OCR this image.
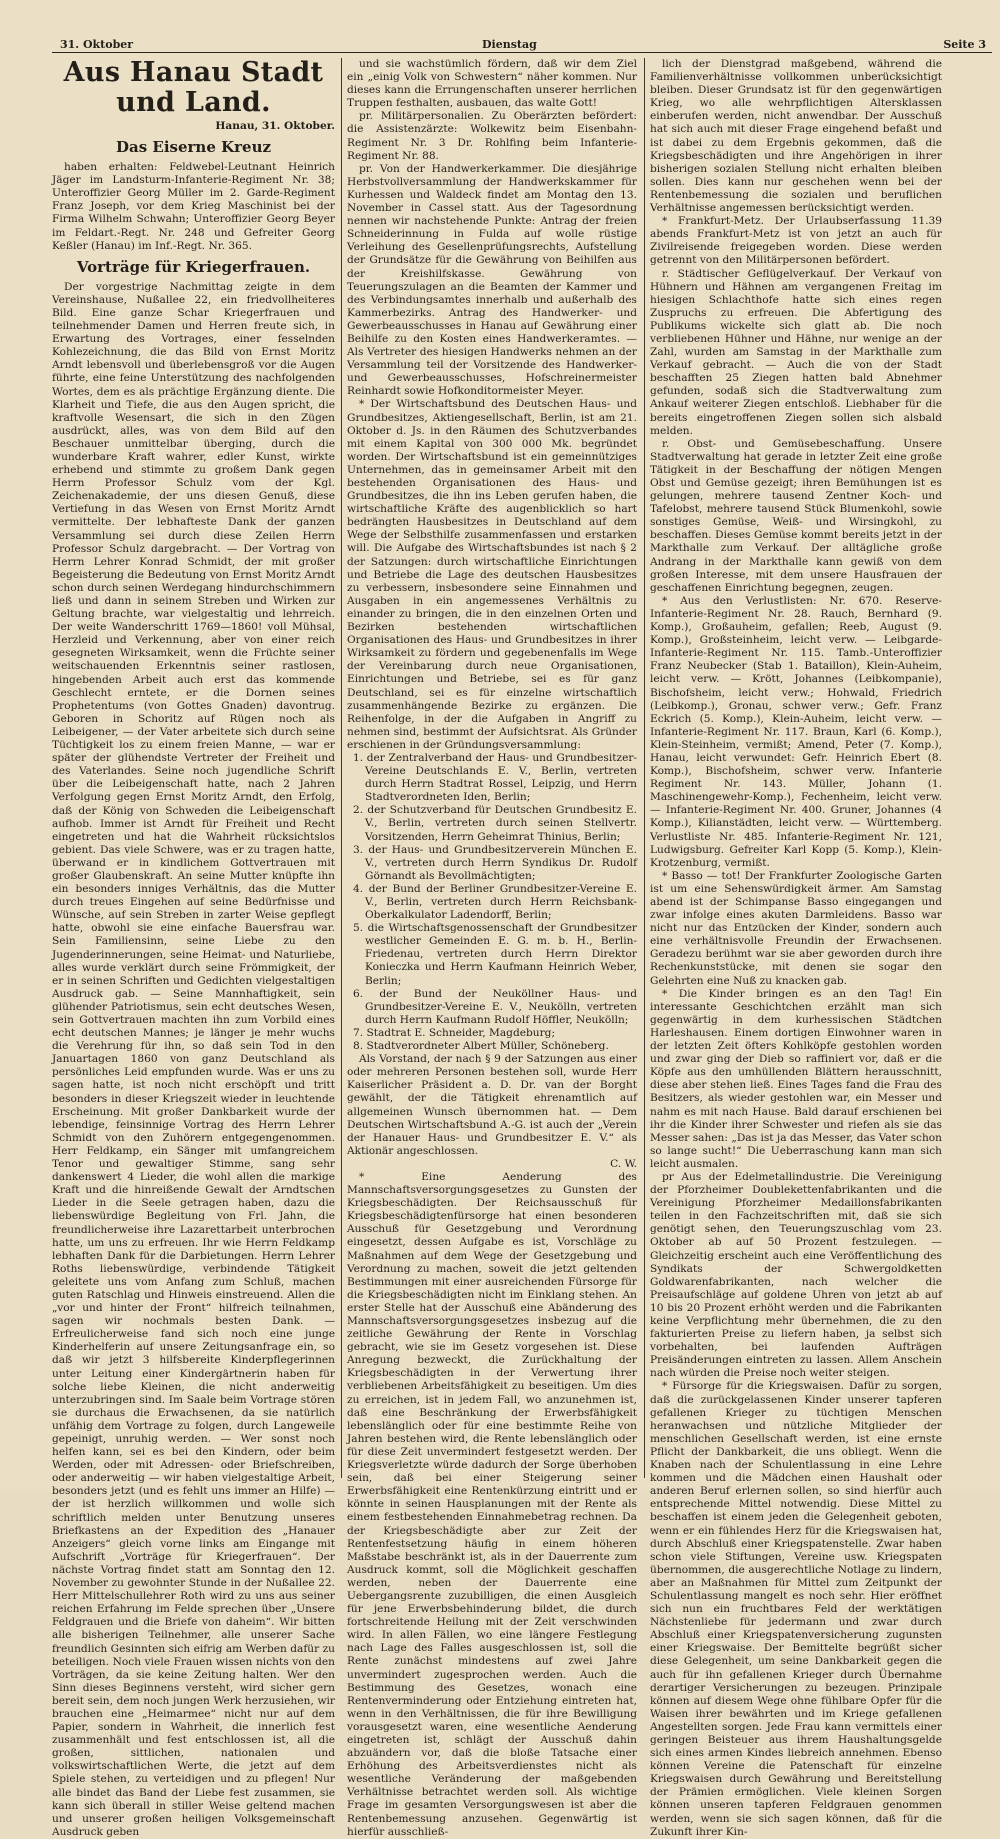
31. Oktober	Dienstag	Seite 3
Aus Hanau Stadt und Land.
Hanau, 31. Oktober.
Das Eiserne Kreuz

haben erhalten: Feldwebel-Leutnant Heinrich Jäger im Landsturm-Infanterie-Regiment Nr. 38; Unteroffizier Georg Müller im 2. Garde-Regiment Franz Joseph, vor dem Krieg Maschinist bei der Firma Wilhelm Schwahn; Unteroffizier Georg Beyer im Feldart.-Regt. Nr. 248 und Gefreiter Georg Keßler (Hanau) im Inf.-Regt. Nr. 365.

Vorträge für Kriegerfrauen.

Der vorgestrige Nachmittag zeigte in dem Vereinshause, Nußallee 22, ein friedvollheiteres Bild. Eine ganze Schar Kriegerfrauen und teilnehmender Damen und Herren freute sich, in Erwartung des Vortrages, einer fesselnden Kohlezeichnung, die das Bild von Ernst Moritz Arndt lebensvoll und überlebensgroß vor die Augen führte, eine feine Unterstützung des nachfolgenden Wortes, dem es als prächtige Ergänzung diente. Die Klarheit und Tiefe, die aus den Augen spricht, die kraftvolle Wesensart, die sich in den Zügen ausdrückt, alles, was von dem Bild auf den Beschauer unmittelbar überging, durch die wunderbare Kraft wahrer, edler Kunst, wirkte erhebend und stimmte zu großem Dank gegen Herrn Professor Schulz vom der Kgl. Zeichenakademie, der uns diesen Genuß, diese Vertiefung in das Wesen von Ernst Moritz Arndt vermittelte. Der lebhafteste Dank der ganzen Versammlung sei durch diese Zeilen Herrn Professor Schulz dargebracht. — Der Vortrag von Herrn Lehrer Konrad Schmidt, der mit großer Begeisterung die Bedeutung von Ernst Moritz Arndt schon durch seinen Werdegang hindurchschimmern ließ und dann in seinem Streben und Wirken zur Geltung brachte, war vielgestaltig und lehrreich. Der weite Wanderschritt 1769—1860! voll Mühsal, Herzleid und Verkennung, aber von einer reich gesegneten Wirksamkeit, wenn die Früchte seiner weitschauenden Erkenntnis seiner rastlosen, hingebenden Arbeit auch erst das kommende Geschlecht erntete, er die Dornen seines Prophetentums (von Gottes Gnaden) davontrug. Geboren in Schoritz auf Rügen noch als Leibeigener, — der Vater arbeitete sich durch seine Tüchtigkeit los zu einem freien Manne, — war er später der glühendste Vertreter der Freiheit und des Vaterlandes. Seine noch jugendliche Schrift über die Leibeigenschaft hatte, nach 2 Jahren Verfolgung gegen Ernst Moritz Arndt, den Erfolg, daß der König von Schweden die Leibeigenschaft aufhob. Immer ist Arndt für Freiheit und Recht eingetreten und hat die Wahrheit rücksichtslos gebient. Das viele Schwere, was er zu tragen hatte, überwand er in kindlichem Gottvertrauen mit großer Glaubenskraft. An seine Mutter knüpfte ihn ein besonders inniges Verhältnis, das die Mutter durch treues Eingehen auf seine Bedürfnisse und Wünsche, auf sein Streben in zarter Weise gepflegt hatte, obwohl sie eine einfache Bauersfrau war. Sein Familiensinn, seine Liebe zu den Jugenderinnerungen, seine Heimat- und Naturliebe, alles wurde verklärt durch seine Frömmigkeit, der er in seinen Schriften und Gedichten vielgestaltigen Ausdruck gab. — Seine Mannhaftigkeit, sein glühender Patriotismus, sein echt deutsches Wesen, sein Gottvertrauen machten ihn zum Vorbild eines echt deutschen Mannes; je länger je mehr wuchs die Verehrung für ihn, so daß sein Tod in den Januartagen 1860 von ganz Deutschland als persönliches Leid empfunden wurde. Was er uns zu sagen hatte, ist noch nicht erschöpft und tritt besonders in dieser Kriegszeit wieder in leuchtende Erscheinung. Mit großer Dankbarkeit wurde der lebendige, feinsinnige Vortrag des Herrn Lehrer Schmidt von den Zuhörern entgegengenommen. Herr Feldkamp, ein Sänger mit umfangreichem Tenor und gewaltiger Stimme, sang sehr dankenswert 4 Lieder, die wohl allen die markige Kraft und die hinreißende Gewalt der Arndtschen Lieder in die Seele getragen haben, dazu die liebenswürdige Begleitung von Frl. Jahn, die freundlicherweise ihre Lazarettarbeit unterbrochen hatte, um uns zu erfreuen. Ihr wie Herrn Feldkamp lebhaften Dank für die Darbietungen. Herrn Lehrer Roths liebenswürdige, verbindende Tätigkeit geleitete uns vom Anfang zum Schluß, machen guten Ratschlag und Hinweis einstreuend. Allen die „vor und hinter der Front“ hilfreich teilnahmen, sagen wir nochmals besten Dank. — Erfreulicherweise fand sich noch eine junge Kinderhelferin auf unsere Zeitungsanfrage ein, so daß wir jetzt 3 hilfsbereite Kinderpflegerinnen unter Leitung einer Kindergärtnerin haben für solche liebe Kleinen, die nicht anderweitig unterzubringen sind. Im Saale beim Vortrage stören sie durchaus die Erwachsenen, da sie natürlich unfähig dem Vortrage zu folgen, durch Langeweile gepeinigt, unruhig werden. — Wer sonst noch helfen kann, sei es bei den Kindern, oder beim Werden, oder mit Adressen- oder Briefschreiben, oder anderweitig — wir haben vielgestaltige Arbeit, besonders jetzt (und es fehlt uns immer an Hilfe) — der ist herzlich willkommen und wolle sich schriftlich melden unter Benutzung unseres Briefkastens an der Expedition des „Hanauer Anzeigers“ gleich vorne links am Eingange mit Aufschrift „Vorträge für Kriegerfrauen“. Der nächste Vortrag findet statt am Sonntag den 12. November zu gewohnter Stunde in der Nußallee 22. Herr Mittelschullehrer Roth wird zu uns aus seiner reichen Erfahrung im Felde sprechen über „Unsere Feldgrauen und die Briefe von daheim“. Wir bitten alle bisherigen Teilnehmer, alle unserer Sache freundlich Gesinnten sich eifrig am Werben dafür zu beteiligen. Noch viele Frauen wissen nichts von den Vorträgen, da sie keine Zeitung halten. Wer den Sinn dieses Beginnens versteht, wird sicher gern bereit sein, dem noch jungen Werk herzusiehen, wir brauchen eine „Heimarmee“ nicht nur auf dem Papier, sondern in Wahrheit, die innerlich fest zusammenhält und fest entschlossen ist, all die großen, sittlichen, nationalen und volkswirtschaftlichen Werte, die jetzt auf dem Spiele stehen, zu verteidigen und zu pflegen! Nur alle bindet das Band der Liebe fest zusammen, sie kann sich überall in stiller Weise geltend machen und unserer großen heiligen Volksgemeinschaft Ausdruck geben

und sie wachstümlich fördern, daß wir dem Ziel ein „einig Volk von Schwestern“ näher kommen. Nur dieses kann die Errungenschaften unserer herrlichen Truppen festhalten, ausbauen, das walte Gott!

pr. Militärpersonalien. Zu Oberärzten befördert: die Assistenzärzte: Wolkewitz beim Eisenbahn-Regiment Nr. 3 Dr. Rohlfing beim Infanterie-Regiment Nr. 88.

pr. Von der Handwerkerkammer. Die diesjährige Herbstvollversammlung der Handwerkskammer für Kurhessen und Waldeck findet am Montag den 13. November in Cassel statt. Aus der Tagesordnung nennen wir nachstehende Punkte: Antrag der freien Schneiderinnung in Fulda auf wolle rüstige Verleihung des Gesellenprüfungsrechts, Aufstellung der Grundsätze für die Gewährung von Beihilfen aus der Kreishilfskasse. Gewährung von Teuerungszulagen an die Beamten der Kammer und des Verbindungsamtes innerhalb und außerhalb des Kammerbezirks. Antrag des Handwerker- und Gewerbeausschusses in Hanau auf Gewährung einer Beihilfe zu den Kosten eines Handwerkeramtes. — Als Vertreter des hiesigen Handwerks nehmen an der Versammlung teil der Vorsitzende des Handwerker- und Gewerbeausschusses, Hofschreinermeister Reinhardt sowie Hofkonditormeister Meyer.

* Der Wirtschaftsbund des Deutschen Haus- und Grundbesitzes, Aktiengesellschaft, Berlin, ist am 21. Oktober d. Js. in den Räumen des Schutzverbandes mit einem Kapital von 300 000 Mk. begründet worden. Der Wirtschaftsbund ist ein gemeinnütziges Unternehmen, das in gemeinsamer Arbeit mit den bestehenden Organisationen des Haus- und Grundbesitzes, die ihn ins Leben gerufen haben, die wirtschaftliche Kräfte des augenblicklich so hart bedrängten Hausbesitzes in Deutschland auf dem Wege der Selbsthilfe zusammenfassen und erstarken will. Die Aufgabe des Wirtschaftsbundes ist nach § 2 der Satzungen: durch wirtschaftliche Einrichtungen und Betriebe die Lage des deutschen Hausbesitzes zu verbessern, insbesondere seine Einnahmen und Ausgaben in ein angemessenes Verhältnis zu einander zu bringen, die in den einzelnen Orten und Bezirken bestehenden wirtschaftlichen Organisationen des Haus- und Grundbesitzes in ihrer Wirksamkeit zu fördern und gegebenenfalls im Wege der Vereinbarung durch neue Organisationen, Einrichtungen und Betriebe, sei es für ganz Deutschland, sei es für einzelne wirtschaftlich zusammenhängende Bezirke zu ergänzen. Die Reihenfolge, in der die Aufgaben in Angriff zu nehmen sind, bestimmt der Aufsichtsrat. Als Gründer erschienen in der Gründungsversammlung:

1. der Zentralverband der Haus- und Grundbesitzer-Vereine Deutschlands E. V., Berlin, vertreten durch Herrn Stadtrat Rossel, Leipzig, und Herrn Stadtverordneten Iden, Berlin;
2. der Schutzverband für Deutschen Grundbesitz E. V., Berlin, vertreten durch seinen Stellvertr. Vorsitzenden, Herrn Geheimrat Thinius, Berlin;
3. der Haus- und Grundbesitzerverein München E. V., vertreten durch Herrn Syndikus Dr. Rudolf Görnandt als Bevollmächtigten;
4. der Bund der Berliner Grundbesitzer-Vereine E. V., Berlin, vertreten durch Herrn Reichsbank-Oberkalkulator Ladendorff, Berlin;
5. die Wirtschaftsgenossenschaft der Grundbesitzer westlicher Gemeinden E. G. m. b. H., Berlin-Friedenau, vertreten durch Herrn Direktor Konieczka und Herrn Kaufmann Heinrich Weber, Berlin;
6. der Bund der Neuköllner Haus- und Grundbesitzer-Vereine E. V., Neukölln, vertreten durch Herrn Kaufmann Rudolf Höffler, Neukölln;
7. Stadtrat E. Schneider, Magdeburg;
8. Stadtverordneter Albert Müller, Schöneberg.

Als Vorstand, der nach § 9 der Satzungen aus einer oder mehreren Personen bestehen soll, wurde Herr Kaiserlicher Präsident a. D. Dr. van der Borght gewählt, der die Tätigkeit ehrenamtlich auf allgemeinen Wunsch übernommen hat. — Dem Deutschen Wirtschaftsbund A.-G. ist auch der „Verein der Hanauer Haus- und Grundbesitzer E. V.“ als Aktionär angeschlossen.

C. W.

* Eine Aenderung des Mannschaftsversorgungsgesetzes zu Gunsten der Kriegsbeschädigten. Der Reichsausschuß für Kriegsbeschädigtenfürsorge hat einen besonderen Ausschuß für Gesetzgebung und Verordnung eingesetzt, dessen Aufgabe es ist, Vorschläge zu Maßnahmen auf dem Wege der Gesetzgebung und Verordnung zu machen, soweit die jetzt geltenden Bestimmungen mit einer ausreichenden Fürsorge für die Kriegsbeschädigten nicht im Einklang stehen. An erster Stelle hat der Ausschuß eine Abänderung des Mannschaftsversorgungsgesetzes insbezug auf die zeitliche Gewährung der Rente in Vorschlag gebracht, wie sie im Gesetz vorgesehen ist. Diese Anregung bezweckt, die Zurückhaltung der Kriegsbeschädigten in der Verwertung ihrer verbliebenen Arbeitsfähigkeit zu beseitigen. Um dies zu erreichen, ist in jedem Fall, wo anzunehmen ist, daß eine Beschränkung der Erwerbsfähigkeit lebenslänglich oder für eine bestimmte Reihe von Jahren bestehen wird, die Rente lebenslänglich oder für diese Zeit unvermindert festgesetzt werden. Der Kriegsverletzte würde dadurch der Sorge überhoben sein, daß bei einer Steigerung seiner Erwerbsfähigkeit eine Rentenkürzung eintritt und er könnte in seinen Hausplanungen mit der Rente als einem festbestehenden Einnahmebetrag rechnen. Da der Kriegsbeschädigte aber zur Zeit der Rentenfestsetzung häufig in einem höheren Maßstabe beschränkt ist, als in der Dauerrente zum Ausdruck kommt, soll die Möglichkeit geschaffen werden, neben der Dauerrente eine Uebergangsrente zuzubilligen, die einen Ausgleich für jene Erwerbsbehinderung bildet, die durch fortschreitende Heilung mit der Zeit verschwinden wird. In allen Fällen, wo eine längere Festlegung nach Lage des Falles ausgeschlossen ist, soll die Rente zunächst mindestens auf zwei Jahre unvermindert zugesprochen werden. Auch die Bestimmung des Gesetzes, wonach eine Rentenverminderung oder Entziehung eintreten hat, wenn in den Verhältnissen, die für ihre Bewilligung vorausgesetzt waren, eine wesentliche Aenderung eingetreten ist, schlägt der Ausschuß dahin abzuändern vor, daß die bloße Tatsache einer Erhöhung des Arbeitsverdienstes nicht als wesentliche Veränderung der maßgebenden Verhältnisse betrachtet werden soll. Als wichtige Frage im gesamten Versorgungswesen ist aber die Rentenbemessung anzusehen. Gegenwärtig ist hierfür ausschließ-

lich der Dienstgrad maßgebend, während die Familienverhältnisse vollkommen unberücksichtigt bleiben. Dieser Grundsatz ist für den gegenwärtigen Krieg, wo alle wehrpflichtigen Altersklassen einberufen werden, nicht anwendbar. Der Ausschuß hat sich auch mit dieser Frage eingehend befaßt und ist dabei zu dem Ergebnis gekommen, daß die Kriegsbeschädigten und ihre Angehörigen in ihrer bisherigen sozialen Stellung nicht erhalten bleiben sollen. Dies kann nur geschehen wenn bei der Rentenbemessung die sozialen und beruflichen Verhältnisse angemessen berücksichtigt werden.

* Frankfurt-Metz. Der Urlaubserfassung 11.39 abends Frankfurt-Metz ist von jetzt an auch für Zivilreisende freigegeben worden. Diese werden getrennt von den Militärpersonen befördert.

r. Städtischer Geflügelverkauf. Der Verkauf von Hühnern und Hähnen am vergangenen Freitag im hiesigen Schlachthofe hatte sich eines regen Zuspruchs zu erfreuen. Die Abfertigung des Publikums wickelte sich glatt ab. Die noch verbliebenen Hühner und Hähne, nur wenige an der Zahl, wurden am Samstag in der Markthalle zum Verkauf gebracht. — Auch die von der Stadt beschafften 25 Ziegen hatten bald Abnehmer gefunden, sodaß sich die Stadtverwaltung zum Ankauf weiterer Ziegen entschloß. Liebhaber für die bereits eingetroffenen Ziegen sollen sich alsbald melden.

r. Obst- und Gemüsebeschaffung. Unsere Stadtverwaltung hat gerade in letzter Zeit eine große Tätigkeit in der Beschaffung der nötigen Mengen Obst und Gemüse gezeigt; ihren Bemühungen ist es gelungen, mehrere tausend Zentner Koch- und Tafelobst, mehrere tausend Stück Blumenkohl, sowie sonstiges Gemüse, Weiß- und Wirsingkohl, zu beschaffen. Dieses Gemüse kommt bereits jetzt in der Markthalle zum Verkauf. Der alltägliche große Andrang in der Markthalle kann gewiß von dem großen Interesse, mit dem unsere Hausfrauen der geschaffenen Einrichtung begegnen, zeugen.

* Aus den Verlustlisten: Nr. 670. Reserve-Infanterie-Regiment Nr. 28. Rauch, Bernhard (9. Komp.), Großauheim, gefallen; Reeb, August (9. Komp.), Großsteinheim, leicht verw. — Leibgarde-Infanterie-Regiment Nr. 115. Tamb.-Unteroffizier Franz Neubecker (Stab 1. Bataillon), Klein-Auheim, leicht verw. — Krött, Johannes (Leibkompanie), Bischofsheim, leicht verw.; Hohwald, Friedrich (Leibkomp.), Gronau, schwer verw.; Gefr. Franz Eckrich (5. Komp.), Klein-Auheim, leicht verw. — Infanterie-Regiment Nr. 117. Braun, Karl (6. Komp.), Klein-Steinheim, vermißt; Amend, Peter (7. Komp.), Hanau, leicht verwundet: Gefr. Heinrich Ebert (8. Komp.), Bischofsheim, schwer verw. Infanterie Regiment Nr. 143. Müller, Johann (1. Maschinengewehr-Komp.), Fechenheim, leicht verw. — Infanterie-Regiment Nr. 400. Gruner, Johannes (4 Komp.), Kilianstädten, leicht verw. — Württemberg. Verlustliste Nr. 485. Infanterie-Regiment Nr. 121, Ludwigsburg. Gefreiter Karl Kopp (5. Komp.), Klein-Krotzenburg, vermißt.

* Basso — tot! Der Frankfurter Zoologische Garten ist um eine Sehenswürdigkeit ärmer. Am Samstag abend ist der Schimpanse Basso eingegangen und zwar infolge eines akuten Darmleidens. Basso war nicht nur das Entzücken der Kinder, sondern auch eine verhältnisvolle Freundin der Erwachsenen. Geradezu berühmt war sie aber geworden durch ihre Rechenkunststücke, mit denen sie sogar den Gelehrten eine Nuß zu knacken gab.

* Die Kinder bringen es an den Tag! Ein interessante Geschichtchen erzählt man sich gegenwärtig in dem kurhessischen Städtchen Harleshausen. Einem dortigen Einwohner waren in der letzten Zeit öfters Kohlköpfe gestohlen worden und zwar ging der Dieb so raffiniert vor, daß er die Köpfe aus den umhüllenden Blättern herausschnitt, diese aber stehen ließ. Eines Tages fand die Frau des Besitzers, als wieder gestohlen war, ein Messer und nahm es mit nach Hause. Bald darauf erschienen bei ihr die Kinder ihrer Schwester und riefen als sie das Messer sahen: „Das ist ja das Messer, das Vater schon so lange sucht!“ Die Ueberraschung kann man sich leicht ausmalen.

pr Aus der Edelmetallindustrie. Die Vereinigung der Pforzheimer Doublekettenfabrikanten und die Vereinigung Pforzheimer Medaillonsfabrikanten teilen in den Fachzeitschriften mit, daß sie sich genötigt sehen, den Teuerungszuschlag vom 23. Oktober ab auf 50 Prozent festzulegen. — Gleichzeitig erscheint auch eine Veröffentlichung des Syndikats der Schwergoldketten Goldwarenfabrikanten, nach welcher die Preisaufschläge auf goldene Uhren von jetzt ab auf 10 bis 20 Prozent erhöht werden und die Fabrikanten keine Verpflichtung mehr übernehmen, die zu den fakturierten Preise zu liefern haben, ja selbst sich vorbehalten, bei laufenden Aufträgen Preisänderungen eintreten zu lassen. Allem Anschein nach würden die Preise noch weiter steigen.

* Fürsorge für die Kriegswaisen. Dafür zu sorgen, daß die zurückgelassenen Kinder unserer tapferen gefallenen Krieger zu tüchtigen Menschen heranwachsen und nützliche Mitglieder der menschlichen Gesellschaft werden, ist eine ernste Pflicht der Dankbarkeit, die uns obliegt. Wenn die Knaben nach der Schulentlassung in eine Lehre kommen und die Mädchen einen Haushalt oder anderen Beruf erlernen sollen, so sind hierfür auch entsprechende Mittel notwendig. Diese Mittel zu beschaffen ist einem jeden die Gelegenheit geboten, wenn er ein fühlendes Herz für die Kriegswaisen hat, durch Abschluß einer Kriegspatenstelle. Zwar haben schon viele Stiftungen, Vereine usw. Kriegspaten übernommen, die ausgerechtliche Notlage zu lindern, aber an Maßnahmen für Mittel zum Zeitpunkt der Schulentlassung mangelt es noch sehr. Hier eröffnet sich nun ein fruchtbares Feld der werktätigen Nächstenliebe für jedermann und zwar durch Abschluß einer Kriegspatenversicherung zugunsten einer Kriegswaise. Der Bemittelte begrüßt sicher diese Gelegenheit, um seine Dankbarkeit gegen die auch für ihn gefallenen Krieger durch Übernahme derartiger Versicherungen zu bezeugen. Prinzipale können auf diesem Wege ohne fühlbare Opfer für die Waisen ihrer bewährten und im Kriege gefallenen Angestellten sorgen. Jede Frau kann vermittels einer geringen Beisteuer aus ihrem Haushaltungsgelde sich eines armen Kindes liebreich annehmen. Ebenso können Vereine die Patenschaft für einzelne Kriegswaisen durch Gewährung und Bereitstellung der Prämien ermöglichen. Viele kleinen Sorgen können unseren tapferen Feldgrauen genommen werden, wenn sie sich sagen können, daß für die Zukunft ihrer Kin-
